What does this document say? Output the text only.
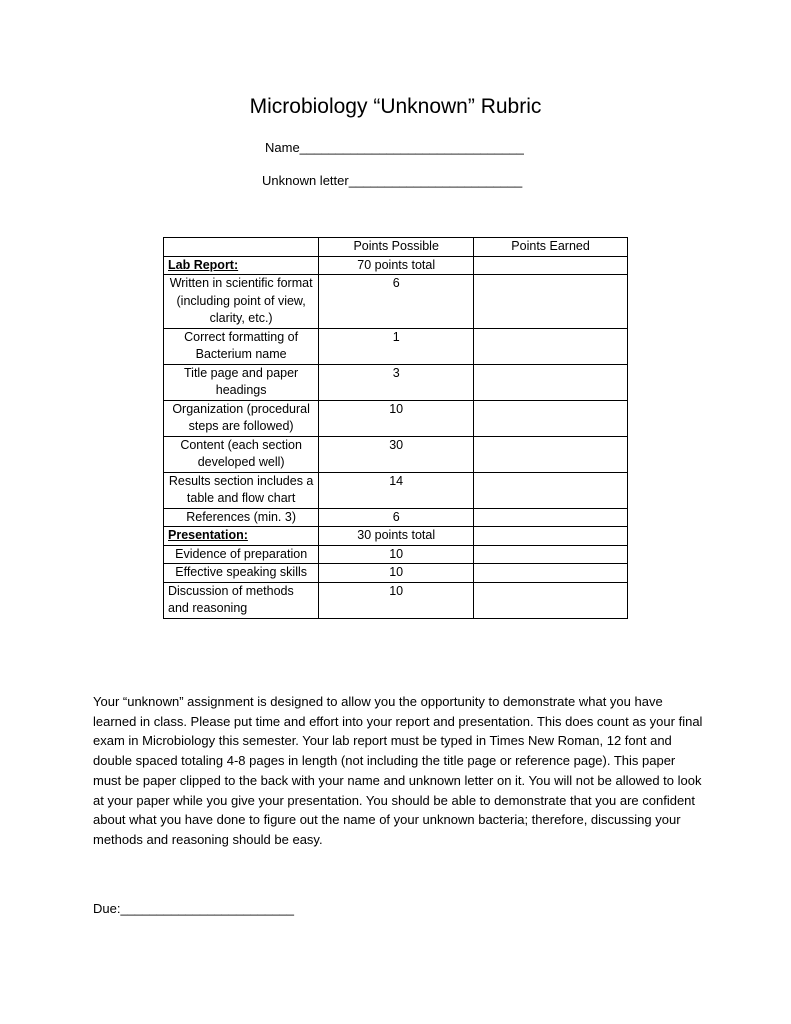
Microbiology “Unknown” Rubric
Name_______________________________
Unknown letter________________________
	Points Possible	Points Earned
Lab Report:	70 points total	
Written in scientific format (including point of view, clarity, etc.)	6	
Correct formatting of Bacterium name	1	
Title page and paper headings	3	
Organization (procedural steps are followed)	10	
Content (each section developed well)	30	
Results section includes a table and flow chart	14	
References (min. 3)	6	
Presentation:	30 points total	
Evidence of preparation	10	
Effective speaking skills	10	
Discussion of methods and reasoning	10	
Your “unknown” assignment is designed to allow you the opportunity to demonstrate what you have learned in class. Please put time and effort into your report and presentation. This does count as your final exam in Microbiology this semester. Your lab report must be typed in Times New Roman, 12 font and double spaced totaling 4-8 pages in length (not including the title page or reference page). This paper must be paper clipped to the back with your name and unknown letter on it. You will not be allowed to look at your paper while you give your presentation. You should be able to demonstrate that you are confident about what you have done to figure out the name of your unknown bacteria; therefore, discussing your methods and reasoning should be easy.
Due:________________________
